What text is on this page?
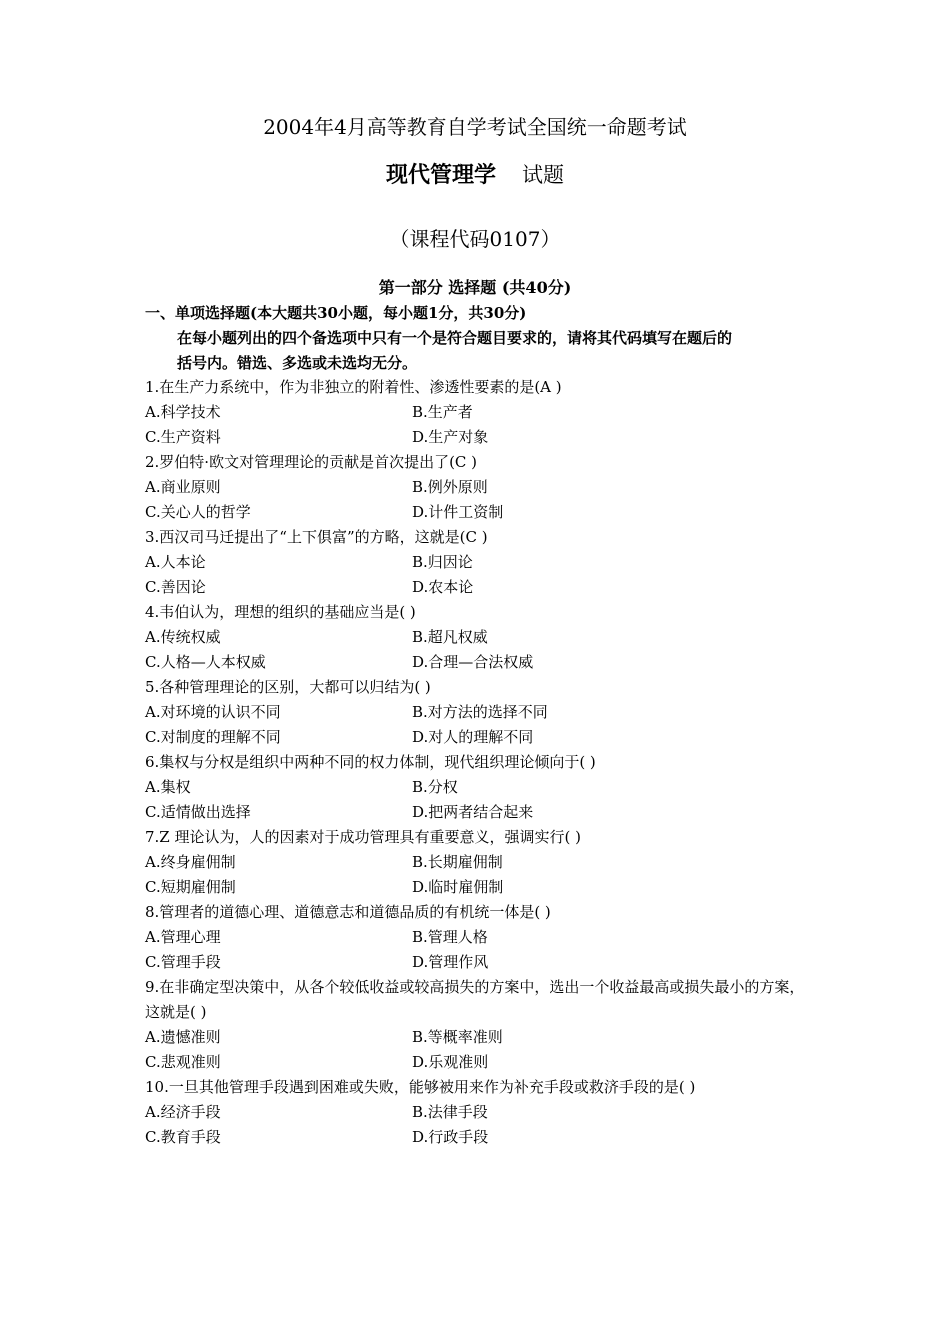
2004年4月高等教育自学考试全国统一命题考试
现代管理学 试题
（课程代码0107）
第一部分 选择题 (共40分)
一、单项选择题(本大题共30小题，每小题1分，共30分)
在每小题列出的四个备选项中只有一个是符合题目要求的，请将其代码填写在题后的
括号内。错选、多选或未选均无分。
1.在生产力系统中，作为非独立的附着性、渗透性要素的是(A )
A.科学技术	B.生产者
C.生产资料	D.生产对象
2.罗伯特·欧文对管理理论的贡献是首次提出了(C )
A.商业原则	B.例外原则
C.关心人的哲学	D.计件工资制
3.西汉司马迁提出了“上下俱富”的方略，这就是(C )
A.人本论	B.归因论
C.善因论	D.农本论
4.韦伯认为，理想的组织的基础应当是( )
A.传统权威	B.超凡权威
C.人格—人本权威	D.合理—合法权威
5.各种管理理论的区别，大都可以归结为( )
A.对环境的认识不同	B.对方法的选择不同
C.对制度的理解不同	D.对人的理解不同
6.集权与分权是组织中两种不同的权力体制，现代组织理论倾向于( )
A.集权	B.分权
C.适情做出选择	D.把两者结合起来
7.Z 理论认为，人的因素对于成功管理具有重要意义，强调实行( )
A.终身雇佣制	B.长期雇佣制
C.短期雇佣制	D.临时雇佣制
8.管理者的道德心理、道德意志和道德品质的有机统一体是( )
A.管理心理	B.管理人格
C.管理手段	D.管理作风
9.在非确定型决策中，从各个较低收益或较高损失的方案中，选出一个收益最高或损失最小的方案，这就是( )
A.遗憾准则	B.等概率准则
C.悲观准则	D.乐观准则
10.一旦其他管理手段遇到困难或失败，能够被用来作为补充手段或救济手段的是( )
A.经济手段	B.法律手段
C.教育手段	D.行政手段
